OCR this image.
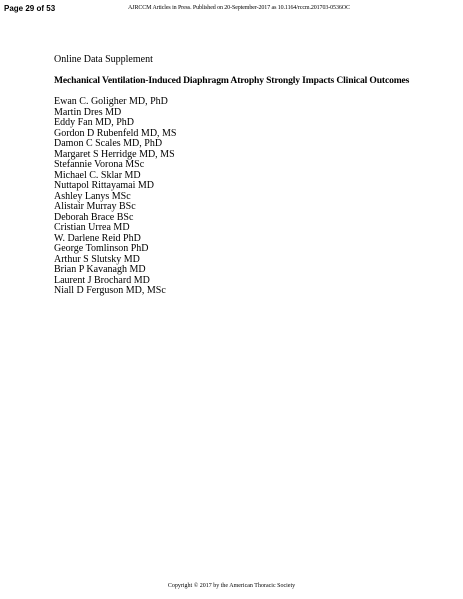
Page 29 of 53	AJRCCM Articles in Press. Published on 20-September-2017 as 10.1164/rccm.201703-0536OC
Online Data Supplement
Mechanical Ventilation-Induced Diaphragm Atrophy Strongly Impacts Clinical Outcomes
Ewan C. Goligher MD, PhD
Martin Dres MD
Eddy Fan MD, PhD
Gordon D Rubenfeld MD, MS
Damon C Scales MD, PhD
Margaret S Herridge MD, MS
Stefannie Vorona MSc
Michael C. Sklar MD
Nuttapol Rittayamai MD
Ashley Lanys MSc
Alistair Murray BSc
Deborah Brace BSc
Cristian Urrea MD
W. Darlene Reid PhD
George Tomlinson PhD
Arthur S Slutsky MD
Brian P Kavanagh MD
Laurent J Brochard MD
Niall D Ferguson MD, MSc
Copyright © 2017 by the American Thoracic Society
